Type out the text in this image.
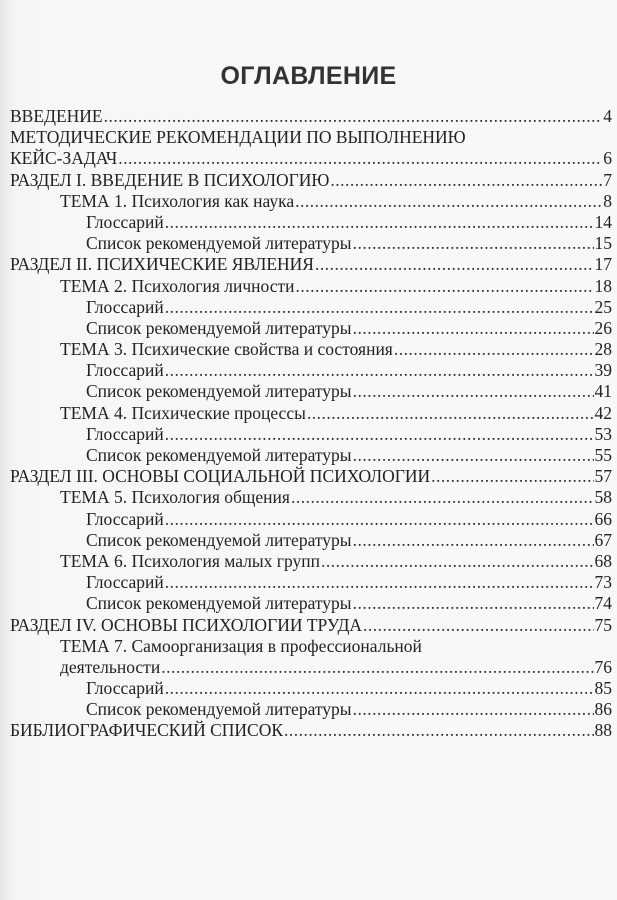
ОГЛАВЛЕНИЕ
ВВЕДЕНИЕ .....	4
МЕТОДИЧЕСКИЕ РЕКОМЕНДАЦИИ ПО ВЫПОЛНЕНИЮ
КЕЙС-ЗАДАЧ .....	6
РАЗДЕЛ I. ВВЕДЕНИЕ В ПСИХОЛОГИЮ .....	7
ТЕМА 1. Психология как наука .....	8
Глоссарий .....	14
Список рекомендуемой литературы .....	15
РАЗДЕЛ II. ПСИХИЧЕСКИЕ ЯВЛЕНИЯ .....	17
ТЕМА 2. Психология личности .....	18
Глоссарий .....	25
Список рекомендуемой литературы .....	26
ТЕМА 3. Психические свойства и состояния .....	28
Глоссарий .....	39
Список рекомендуемой литературы .....	41
ТЕМА 4. Психические процессы .....	42
Глоссарий .....	53
Список рекомендуемой литературы .....	55
РАЗДЕЛ III. ОСНОВЫ СОЦИАЛЬНОЙ ПСИХОЛОГИИ .....	57
ТЕМА 5. Психология общения .....	58
Глоссарий .....	66
Список рекомендуемой литературы .....	67
ТЕМА 6. Психология малых групп .....	68
Глоссарий .....	73
Список рекомендуемой литературы .....	74
РАЗДЕЛ IV. ОСНОВЫ ПСИХОЛОГИИ ТРУДА .....	75
ТЕМА 7. Самоорганизация в профессиональной
деятельности .....	76
Глоссарий .....	85
Список рекомендуемой литературы .....	86
БИБЛИОГРАФИЧЕСКИЙ СПИСОК .....	88
